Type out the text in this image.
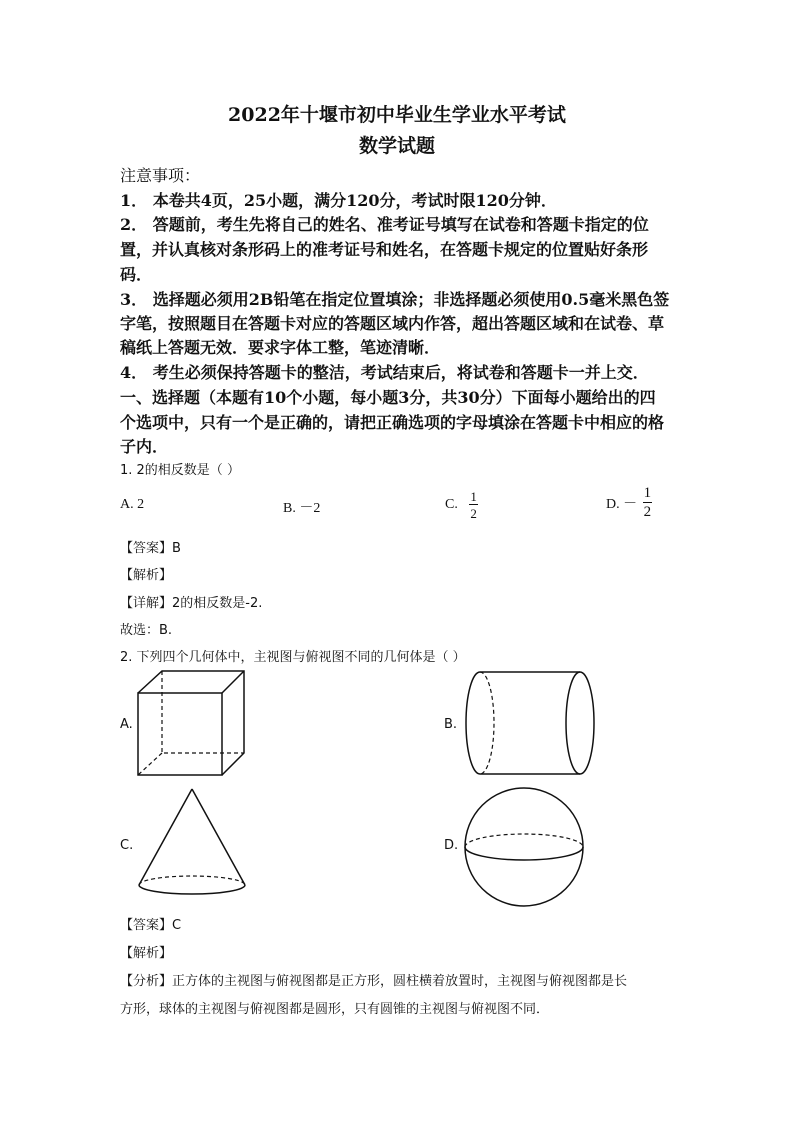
2022年十堰市初中毕业生学业水平考试
数学试题
注意事项：
1． 本卷共4页，25小题，满分120分，考试时限120分钟．
2． 答题前，考生先将自己的姓名、准考证号填写在试卷和答题卡指定的位
置，并认真核对条形码上的准考证号和姓名，在答题卡规定的位置贴好条形
码．
3． 选择题必须用2B铅笔在指定位置填涂；非选择题必须使用0.5毫米黑色签
字笔，按照题目在答题卡对应的答题区域内作答，超出答题区域和在试卷、草
稿纸上答题无效．要求字体工整，笔迹清晰．
4． 考生必须保持答题卡的整洁，考试结束后，将试卷和答题卡一并上交．
一、选择题（本题有10个小题，每小题3分，共30分）下面每小题给出的四
个选项中，只有一个是正确的，请把正确选项的字母填涂在答题卡中相应的格
子内．
1. 2的相反数是（ ）
A. 2	B. －2	C. $\frac{1}{2}$	D. － $\frac{1}{2}$
【答案】B
【解析】
【详解】2的相反数是-2.
故选：B.
2. 下列四个几何体中，主视图与俯视图不同的几何体是（ ）
A.	B.
C.	D.
【答案】C
【解析】
【分析】正方体的主视图与俯视图都是正方形，圆柱横着放置时，主视图与俯视图都是长
方形，球体的主视图与俯视图都是圆形，只有圆锥的主视图与俯视图不同．
